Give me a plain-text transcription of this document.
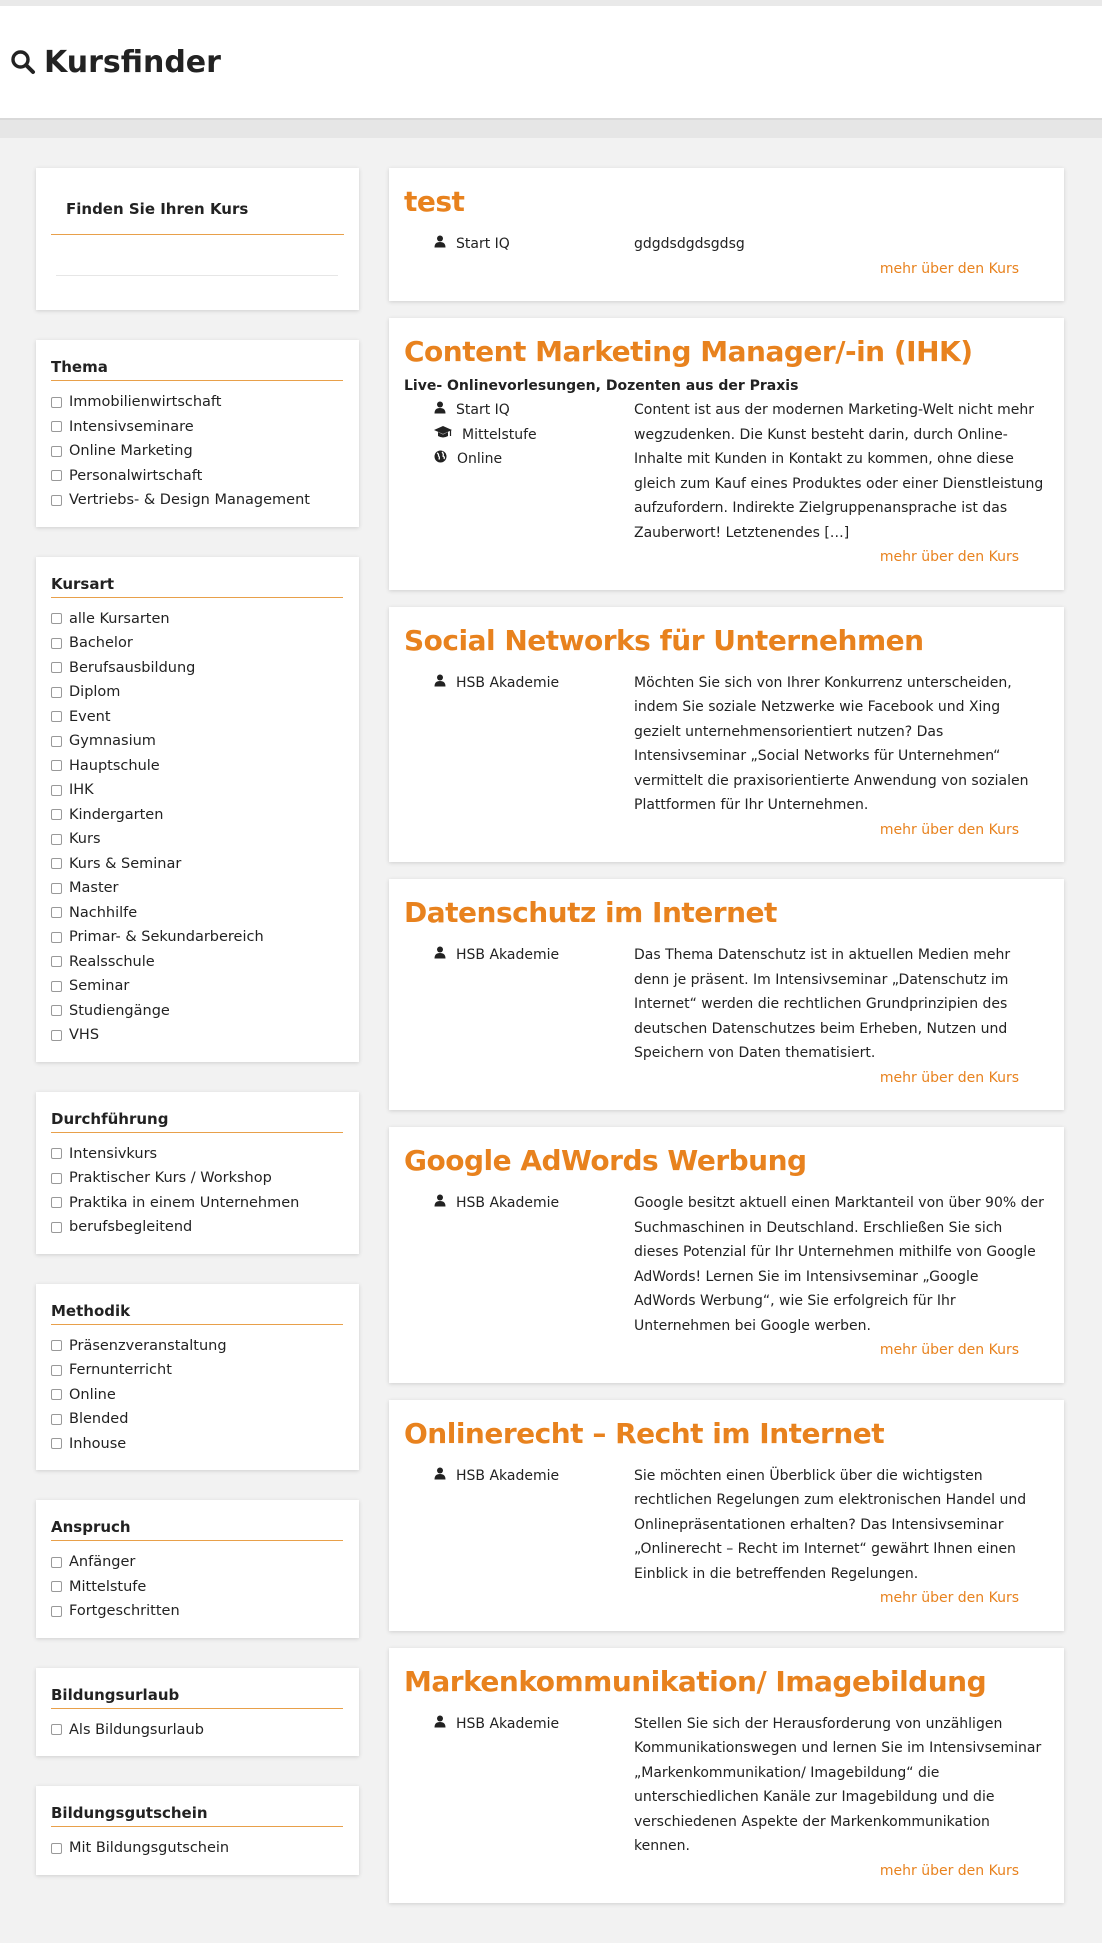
Kursfinder
Finden Sie Ihren Kurs
Thema
Immobilienwirtschaft
Intensivseminare
Online Marketing
Personalwirtschaft
Vertriebs- & Design Management
Kursart
alle Kursarten
Bachelor
Berufsausbildung
Diplom
Event
Gymnasium
Hauptschule
IHK
Kindergarten
Kurs
Kurs & Seminar
Master
Nachhilfe
Primar- & Sekundarbereich
Realsschule
Seminar
Studiengänge
VHS
Durchführung
Intensivkurs
Praktischer Kurs / Workshop
Praktika in einem Unternehmen
berufsbegleitend
Methodik
Präsenzveranstaltung
Fernunterricht
Online
Blended
Inhouse
Anspruch
Anfänger
Mittelstufe
Fortgeschritten
Bildungsurlaub
Als Bildungsurlaub
Bildungsgutschein
Mit Bildungsgutschein
test
Start IQ	gdgdsdgdsgdsg
mehr über den Kurs
Content Marketing Manager/-in (IHK)
Live- Onlinevorlesungen, Dozenten aus der Praxis
Start IQ
Mittelstufe
Online
Content ist aus der modernen Marketing-Welt nicht mehr wegzudenken. Die Kunst besteht darin, durch Online-Inhalte mit Kunden in Kontakt zu kommen, ohne diese gleich zum Kauf eines Produktes oder einer Dienstleistung aufzufordern. Indirekte Zielgruppenansprache ist das Zauberwort! Letztenendes […]
mehr über den Kurs
Social Networks für Unternehmen
HSB Akademie	Möchten Sie sich von Ihrer Konkurrenz unterscheiden, indem Sie soziale Netzwerke wie Facebook und Xing gezielt unternehmensorientiert nutzen? Das Intensivseminar „Social Networks für Unternehmen“ vermittelt die praxisorientierte Anwendung von sozialen Plattformen für Ihr Unternehmen.
mehr über den Kurs
Datenschutz im Internet
HSB Akademie	Das Thema Datenschutz ist in aktuellen Medien mehr denn je präsent. Im Intensivseminar „Datenschutz im Internet“ werden die rechtlichen Grundprinzipien des deutschen Datenschutzes beim Erheben, Nutzen und Speichern von Daten thematisiert.
mehr über den Kurs
Google AdWords Werbung
HSB Akademie	Google besitzt aktuell einen Marktanteil von über 90% der Suchmaschinen in Deutschland. Erschließen Sie sich dieses Potenzial für Ihr Unternehmen mithilfe von Google AdWords! Lernen Sie im Intensivseminar „Google AdWords Werbung“, wie Sie erfolgreich für Ihr Unternehmen bei Google werben.
mehr über den Kurs
Onlinerecht – Recht im Internet
HSB Akademie	Sie möchten einen Überblick über die wichtigsten rechtlichen Regelungen zum elektronischen Handel und Onlinepräsentationen erhalten? Das Intensivseminar „Onlinerecht – Recht im Internet“ gewährt Ihnen einen Einblick in die betreffenden Regelungen.
mehr über den Kurs
Markenkommunikation/ Imagebildung
HSB Akademie	Stellen Sie sich der Herausforderung von unzähligen Kommunikationswegen und lernen Sie im Intensivseminar „Markenkommunikation/ Imagebildung“ die unterschiedlichen Kanäle zur Imagebildung und die verschiedenen Aspekte der Markenkommunikation kennen.
mehr über den Kurs
